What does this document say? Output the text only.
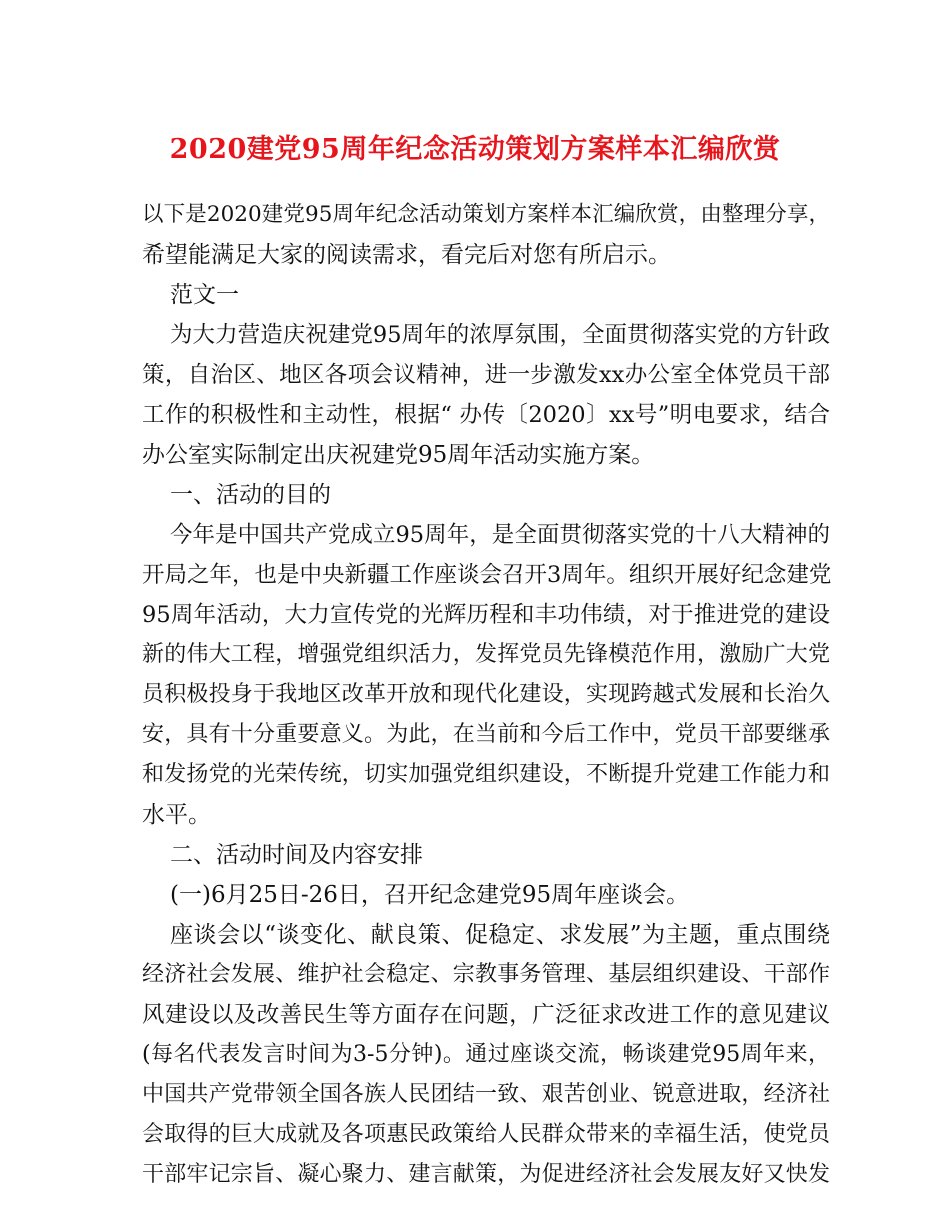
2020建党95周年纪念活动策划方案样本汇编欣赏
以下是2020建党95周年纪念活动策划方案样本汇编欣赏，由整理分享，
希望能满足大家的阅读需求，看完后对您有所启示。
范文一
为大力营造庆祝建党95周年的浓厚氛围，全面贯彻落实党的方针政
策，自治区、地区各项会议精神，进一步激发xx办公室全体党员干部
工作的积极性和主动性，根据“ 办传〔2020〕xx号”明电要求，结合
办公室实际制定出庆祝建党95周年活动实施方案。
一、活动的目的
今年是中国共产党成立95周年，是全面贯彻落实党的十八大精神的
开局之年，也是中央新疆工作座谈会召开3周年。组织开展好纪念建党
95周年活动，大力宣传党的光辉历程和丰功伟绩，对于推进党的建设
新的伟大工程，增强党组织活力，发挥党员先锋模范作用，激励广大党
员积极投身于我地区改革开放和现代化建设，实现跨越式发展和长治久
安，具有十分重要意义。为此，在当前和今后工作中，党员干部要继承
和发扬党的光荣传统，切实加强党组织建设，不断提升党建工作能力和
水平。
二、活动时间及内容安排
(一)6月25日-26日，召开纪念建党95周年座谈会。
座谈会以“谈变化、献良策、促稳定、求发展”为主题，重点围绕
经济社会发展、维护社会稳定、宗教事务管理、基层组织建设、干部作
风建设以及改善民生等方面存在问题，广泛征求改进工作的意见建议
(每名代表发言时间为3-5分钟)。通过座谈交流，畅谈建党95周年来，
中国共产党带领全国各族人民团结一致、艰苦创业、锐意进取，经济社
会取得的巨大成就及各项惠民政策给人民群众带来的幸福生活，使党员
干部牢记宗旨、凝心聚力、建言献策，为促进经济社会发展友好又快发
